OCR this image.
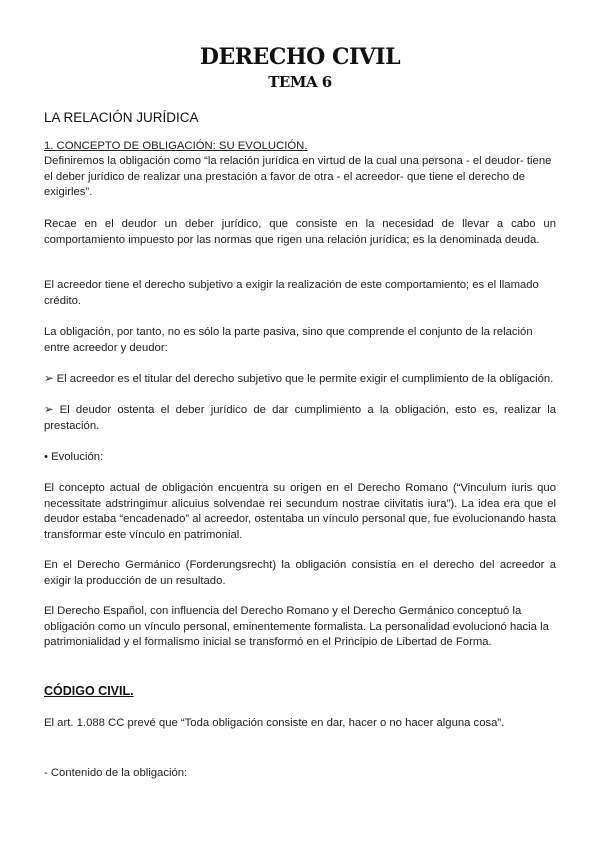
DERECHO CIVIL
TEMA 6
LA RELACIÓN JURÍDICA

1. CONCEPTO DE OBLIGACIÓN: SU EVOLUCIÓN.

Definiremos la obligación como “la relación jurídica en virtud de la cual una persona - el deudor- tiene el deber jurídico de realizar una prestación a favor de otra - el acreedor- que tiene el derecho de exigirles”.

Recae en el deudor un deber jurídico, que consiste en la necesidad de llevar a cabo un comportamiento impuesto por las normas que rigen una relación jurídica; es la denominada deuda.

El acreedor tiene el derecho subjetivo a exigir la realización de este comportamiento; es el llamado crédito.

La obligación, por tanto, no es sólo la parte pasiva, sino que comprende el conjunto de la relación entre acreedor y deudor:

➢ El acreedor es el titular del derecho subjetivo que le permite exigir el cumplimiento de la obligación.

➢ El deudor ostenta el deber jurídico de dar cumplimiento a la obligación, esto es, realizar la prestación.

• Evolución:

El concepto actual de obligación encuentra su origen en el Derecho Romano (“Vinculum iuris quo necessitate adstringimur alicuius solvendae rei secundum nostrae ciivitatis iura”). La idea era que el deudor estaba “encadenado” al acreedor, ostentaba un vínculo personal que, fue evolucionando hasta transformar este vínculo en patrimonial.

En el Derecho Germánico (Forderungsrecht) la obligación consistía en el derecho del acreedor a exigir la producción de un resultado.

El Derecho Español, con influencia del Derecho Romano y el Derecho Germánico conceptuó la obligación como un vínculo personal, eminentemente formalista. La personalidad evolucionó hacia la patrimonialidad y el formalismo inicial se transformó en el Principio de Libertad de Forma.

CÓDIGO CIVIL.

El art. 1.088 CC prevé que “Toda obligación consiste en dar, hacer o no hacer alguna cosa”.

- Contenido de la obligación:
